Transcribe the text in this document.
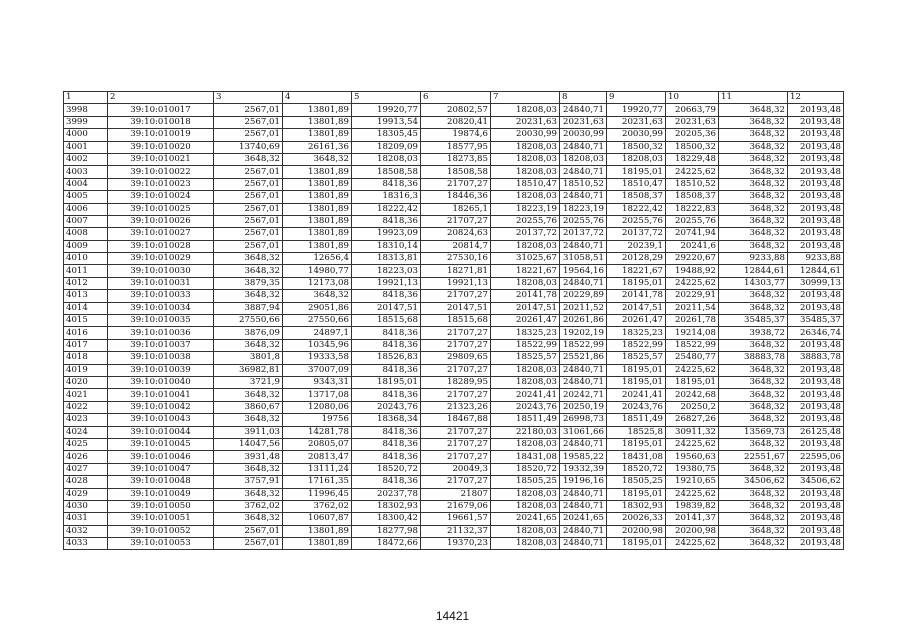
1	2	3	4	5	6	7	8	9	10	11	12
3998	39:10:010017	2567,01	13801,89	19920,77	20802,57	18208,03	24840,71	19920,77	20663,79	3648,32	20193,48
3999	39:10:010018	2567,01	13801,89	19913,54	20820,41	20231,63	20231,63	20231,63	20231,63	3648,32	20193,48
4000	39:10:010019	2567,01	13801,89	18305,45	19874,6	20030,99	20030,99	20030,99	20205,36	3648,32	20193,48
4001	39:10:010020	13740,69	26161,36	18209,09	18577,95	18208,03	24840,71	18500,32	18500,32	3648,32	20193,48
4002	39:10:010021	3648,32	3648,32	18208,03	18273,85	18208,03	18208,03	18208,03	18229,48	3648,32	20193,48
4003	39:10:010022	2567,01	13801,89	18508,58	18508,58	18208,03	24840,71	18195,01	24225,62	3648,32	20193,48
4004	39:10:010023	2567,01	13801,89	8418,36	21707,27	18510,47	18510,52	18510,47	18510,52	3648,32	20193,48
4005	39:10:010024	2567,01	13801,89	18316,3	18446,36	18208,03	24840,71	18508,37	18508,37	3648,32	20193,48
4006	39:10:010025	2567,01	13801,89	18222,42	18265,1	18223,19	18223,19	18222,42	18222,83	3648,32	20193,48
4007	39:10:010026	2567,01	13801,89	8418,36	21707,27	20255,76	20255,76	20255,76	20255,76	3648,32	20193,48
4008	39:10:010027	2567,01	13801,89	19923,09	20824,63	20137,72	20137,72	20137,72	20741,94	3648,32	20193,48
4009	39:10:010028	2567,01	13801,89	18310,14	20814,7	18208,03	24840,71	20239,1	20241,6	3648,32	20193,48
4010	39:10:010029	3648,32	12656,4	18313,81	27530,16	31025,67	31058,51	20128,29	29220,67	9233,88	9233,88
4011	39:10:010030	3648,32	14980,77	18223,03	18271,81	18221,67	19564,16	18221,67	19488,92	12844,61	12844,61
4012	39:10:010031	3879,35	12173,08	19921,13	19921,13	18208,03	24840,71	18195,01	24225,62	14303,77	30999,13
4013	39:10:010033	3648,32	3648,32	8418,36	21707,27	20141,78	20229,89	20141,78	20229,91	3648,32	20193,48
4014	39:10:010034	3887,94	29051,86	20147,51	20147,51	20147,51	20211,52	20147,51	20211,54	3648,32	20193,48
4015	39:10:010035	27550,66	27550,66	18515,68	18515,68	20261,47	20261,86	20261,47	20261,78	35485,37	35485,37
4016	39:10:010036	3876,09	24897,1	8418,36	21707,27	18325,23	19202,19	18325,23	19214,08	3938,72	26346,74
4017	39:10:010037	3648,32	10345,96	8418,36	21707,27	18522,99	18522,99	18522,99	18522,99	3648,32	20193,48
4018	39:10:010038	3801,8	19333,58	18526,83	29809,65	18525,57	25521,86	18525,57	25480,77	38883,78	38883,78
4019	39:10:010039	36982,81	37007,09	8418,36	21707,27	18208,03	24840,71	18195,01	24225,62	3648,32	20193,48
4020	39:10:010040	3721,9	9343,31	18195,01	18289,95	18208,03	24840,71	18195,01	18195,01	3648,32	20193,48
4021	39:10:010041	3648,32	13717,08	8418,36	21707,27	20241,41	20242,71	20241,41	20242,68	3648,32	20193,48
4022	39:10:010042	3860,67	12080,06	20243,76	21323,26	20243,76	20250,19	20243,76	20250,2	3648,32	20193,48
4023	39:10:010043	3648,32	19756	18368,34	18467,88	18511,49	26998,73	18511,49	26827,26	3648,32	20193,48
4024	39:10:010044	3911,03	14281,78	8418,36	21707,27	22180,03	31061,66	18525,8	30911,32	13569,73	26125,48
4025	39:10:010045	14047,56	20805,07	8418,36	21707,27	18208,03	24840,71	18195,01	24225,62	3648,32	20193,48
4026	39:10:010046	3931,48	20813,47	8418,36	21707,27	18431,08	19585,22	18431,08	19560,63	22551,67	22595,06
4027	39:10:010047	3648,32	13111,24	18520,72	20049,3	18520,72	19332,39	18520,72	19380,75	3648,32	20193,48
4028	39:10:010048	3757,91	17161,35	8418,36	21707,27	18505,25	19196,16	18505,25	19210,65	34506,62	34506,62
4029	39:10:010049	3648,32	11996,45	20237,78	21807	18208,03	24840,71	18195,01	24225,62	3648,32	20193,48
4030	39:10:010050	3762,02	3762,02	18302,93	21679,06	18208,03	24840,71	18302,93	19839,82	3648,32	20193,48
4031	39:10:010051	3648,32	10607,87	18300,42	19661,57	20241,65	20241,65	20026,33	20141,37	3648,32	20193,48
4032	39:10:010052	2567,01	13801,89	18277,98	21132,37	18208,03	24840,71	20200,98	20200,98	3648,32	20193,48
4033	39:10:010053	2567,01	13801,89	18472,66	19370,23	18208,03	24840,71	18195,01	24225,62	3648,32	20193,48
14421
